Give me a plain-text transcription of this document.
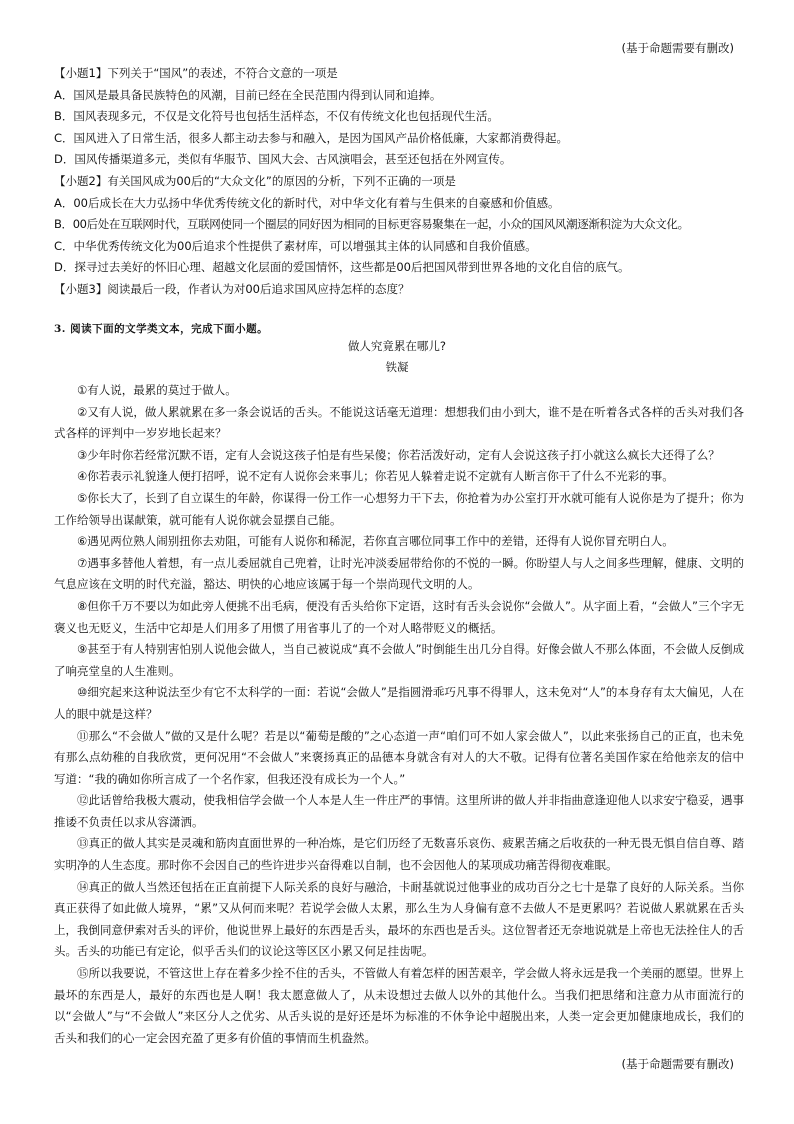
(基于命题需要有删改)

【小题1】下列关于“国风”的表述，不符合文意的一项是

A．国风是最具备民族特色的风潮，目前已经在全民范围内得到认同和追捧。

B．国风表现多元，不仅是文化符号也包括生活样态，不仅有传统文化也包括现代生活。

C．国风进入了日常生活，很多人都主动去参与和融入，是因为国风产品价格低廉，大家都消费得起。

D．国风传播渠道多元，类似有华服节、国风大会、古风演唱会，甚至还包括在外网宣传。

【小题2】有关国风成为00后的“大众文化”的原因的分析，下列不正确的一项是

A．00后成长在大力弘扬中华优秀传统文化的新时代，对中华文化有着与生俱来的自豪感和价值感。

B．00后处在互联网时代，互联网使同一个圈层的同好因为相同的目标更容易聚集在一起，小众的国风风潮逐渐积淀为大众文化。

C．中华优秀传统文化为00后追求个性提供了素材库，可以增强其主体的认同感和自我价值感。

D．探寻过去美好的怀旧心理、超越文化层面的爱国情怀，这些都是00后把国风带到世界各地的文化自信的底气。

【小题3】阅读最后一段，作者认为对00后追求国风应持怎样的态度？

3. 阅读下面的文学类文本，完成下面小题。
做人究竟累在哪儿?
铁凝

①有人说，最累的莫过于做人。

②又有人说，做人累就累在多一条会说话的舌头。不能说这话毫无道理：想想我们由小到大，谁不是在听着各式各样的舌头对我们各式各样的评判中一岁岁地长起来？

③少年时你若经常沉默不语，定有人会说这孩子怕是有些呆傻；你若活泼好动，定有人会说这孩子打小就这么疯长大还得了么？

④你若表示礼貌逢人便打招呼，说不定有人说你会来事儿；你若见人躲着走说不定就有人断言你干了什么不光彩的事。

⑤你长大了，长到了自立谋生的年龄，你谋得一份工作一心想努力干下去，你抢着为办公室打开水就可能有人说你是为了提升；你为工作给领导出谋献策，就可能有人说你就会显摆自己能。

⑥遇见两位熟人闹别扭你去劝阻，可能有人说你和稀泥，若你直言哪位同事工作中的差错，还得有人说你冒充明白人。

⑦遇事多替他人着想，有一点儿委屈就自己兜着，让时光冲淡委屈带给你的不悦的一瞬。你盼望人与人之间多些理解，健康、文明的气息应该在文明的时代充溢，豁达、明快的心地应该属于每一个崇尚现代文明的人。

⑧但你千万不要以为如此旁人便挑不出毛病，便没有舌头给你下定语，这时有舌头会说你“会做人”。从字面上看，“会做人”三个字无褒义也无贬义，生活中它却是人们用多了用惯了用省事儿了的一个对人略带贬义的概括。

⑨甚至于有人特别害怕别人说他会做人，当自己被说成“真不会做人”时倒能生出几分自得。好像会做人不那么体面，不会做人反倒成了响亮堂皇的人生准则。

⑩细究起来这种说法至少有它不太科学的一面：若说“会做人”是指圆滑乖巧凡事不得罪人，这未免对“人”的本身存有太大偏见，人在人的眼中就是这样？

⑪那么“不会做人”做的又是什么呢？若是以“葡萄是酸的”之心态道一声“咱们可不如人家会做人”，以此来张扬自己的正直，也未免有那么点幼稚的自我欣赏，更何况用“不会做人”来褒扬真正的品德本身就含有对人的大不敬。记得有位著名美国作家在给他亲友的信中写道：“我的确如你所言成了一个名作家，但我还没有成长为一个人。”

⑫此话曾给我极大震动，使我相信学会做一个人本是人生一件庄严的事情。这里所讲的做人并非指曲意逢迎他人以求安宁稳妥，遇事推诿不负责任以求从容潇洒。

⑬真正的做人其实是灵魂和筋肉直面世界的一种冶炼，是它们历经了无数喜乐哀伤、疲累苦痛之后收获的一种无畏无惧自信自尊、踏实明净的人生态度。那时你不会因自己的些许进步兴奋得难以自制，也不会因他人的某项成功痛苦得彻夜难眠。

⑭真正的做人当然还包括在正直前提下人际关系的良好与融洽，卡耐基就说过他事业的成功百分之七十是靠了良好的人际关系。当你真正获得了如此做人境界，“累”又从何而来呢？若说学会做人太累，那么生为人身偏有意不去做人不是更累吗？若说做人累就累在舌头上，我倒同意伊索对舌头的评价，他说世界上最好的东西是舌头，最坏的东西也是舌头。这位智者还无奈地说就是上帝也无法拴住人的舌头。舌头的功能已有定论，似乎舌头们的议论这等区区小累又何足挂齿呢。

⑮所以我要说，不管这世上存在着多少拴不住的舌头，不管做人有着怎样的困苦艰辛，学会做人将永远是我一个美丽的愿望。世界上最坏的东西是人，最好的东西也是人啊！我太愿意做人了，从未设想过去做人以外的其他什么。当我们把思绪和注意力从市面流行的以“会做人”与“不会做人”来区分人之优劣、从舌头说的是好还是坏为标准的不休争论中超脱出来，人类一定会更加健康地成长，我们的舌头和我们的心一定会因充盈了更多有价值的事情而生机盎然。

(基于命题需要有删改)
